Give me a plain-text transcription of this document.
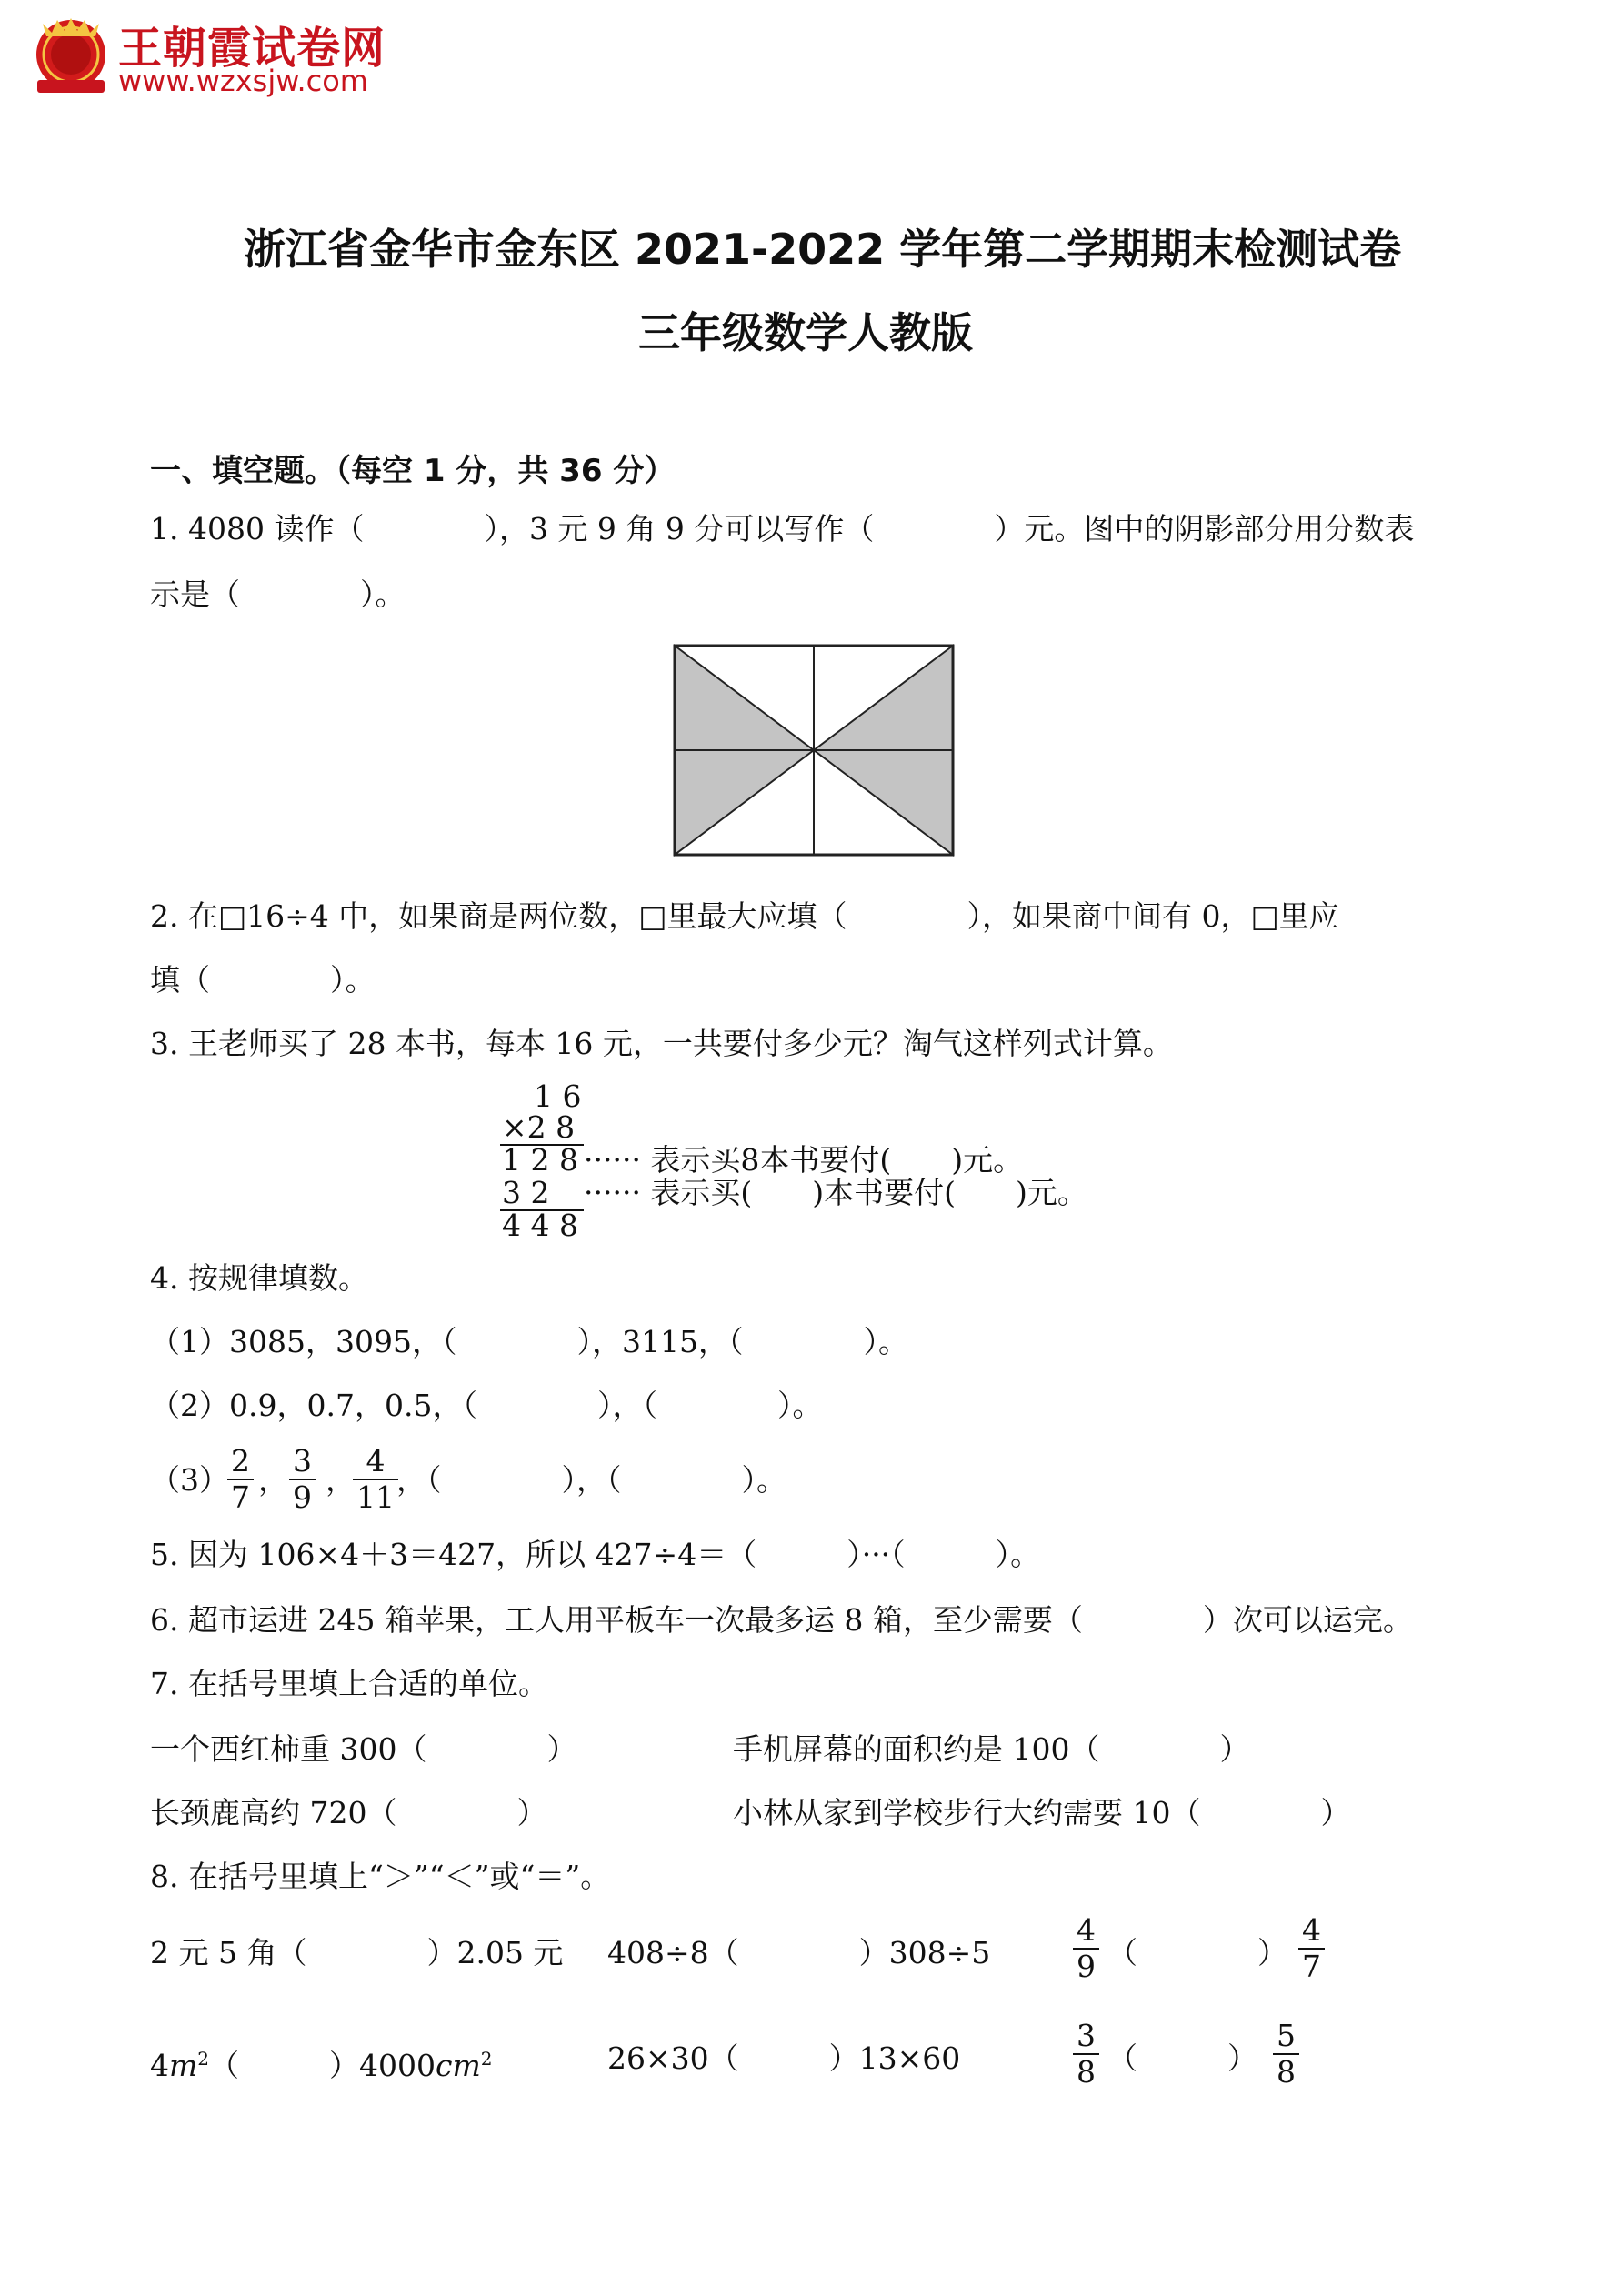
王朝霞试卷网
www.wzxsjw.com
浙江省金华市金东区 2021-2022 学年第二学期期末检测试卷
三年级数学人教版
一、填空题。（每空 1 分，共 36 分）
1. 4080 读作（　　　　），3 元 9 角 9 分可以写作（　　　　）元。图中的阴影部分用分数表
示是（　　　　）。
2. 在□16÷4 中，如果商是两位数，□里最大应填（　　　　），如果商中间有 0，□里应
填（　　　　）。
3. 王老师买了 28 本书，每本 16 元，一共要付多少元？淘气这样列式计算。
1 6
×2 8
1 2 8 ······ 表示买8本书要付(　　)元。
3 2 ······ 表示买(　　)本书要付(　　)元。
4 4 8
4. 按规律填数。
（1）3085，3095，（　　　　），3115，（　　　　）。
（2）0.9，0.7，0.5，（　　　　），（　　　　）。
（3）
$\frac{2}{7}$ ， $\frac{3}{9}$ ，
$\frac{4}{11}$
，（　　　　），（　　　　）。
5. 因为 106×4＋3＝427，所以 427÷4＝（　　　）···（　　　）。
6. 超市运进 245 箱苹果，工人用平板车一次最多运 8 箱，至少需要（　　　　）次可以运完。
7. 在括号里填上合适的单位。
一个西红柿重 300（　　　　）	手机屏幕的面积约是 100（　　　　）
长颈鹿高约 720（　　　　）	小林从家到学校步行大约需要 10（　　　　）
8. 在括号里填上“＞”“＜”或“＝”。
2 元 5 角（　　　　）2.05 元 408÷8（　　　　）308÷5	$\frac{4}{9}$ （　　　　） $\frac{4}{7}$
$4m^2$（　　　）$4000cm^2$	26×30（　　　）13×60	$\frac{3}{8}$ （　　　） $\frac{5}{8}$
